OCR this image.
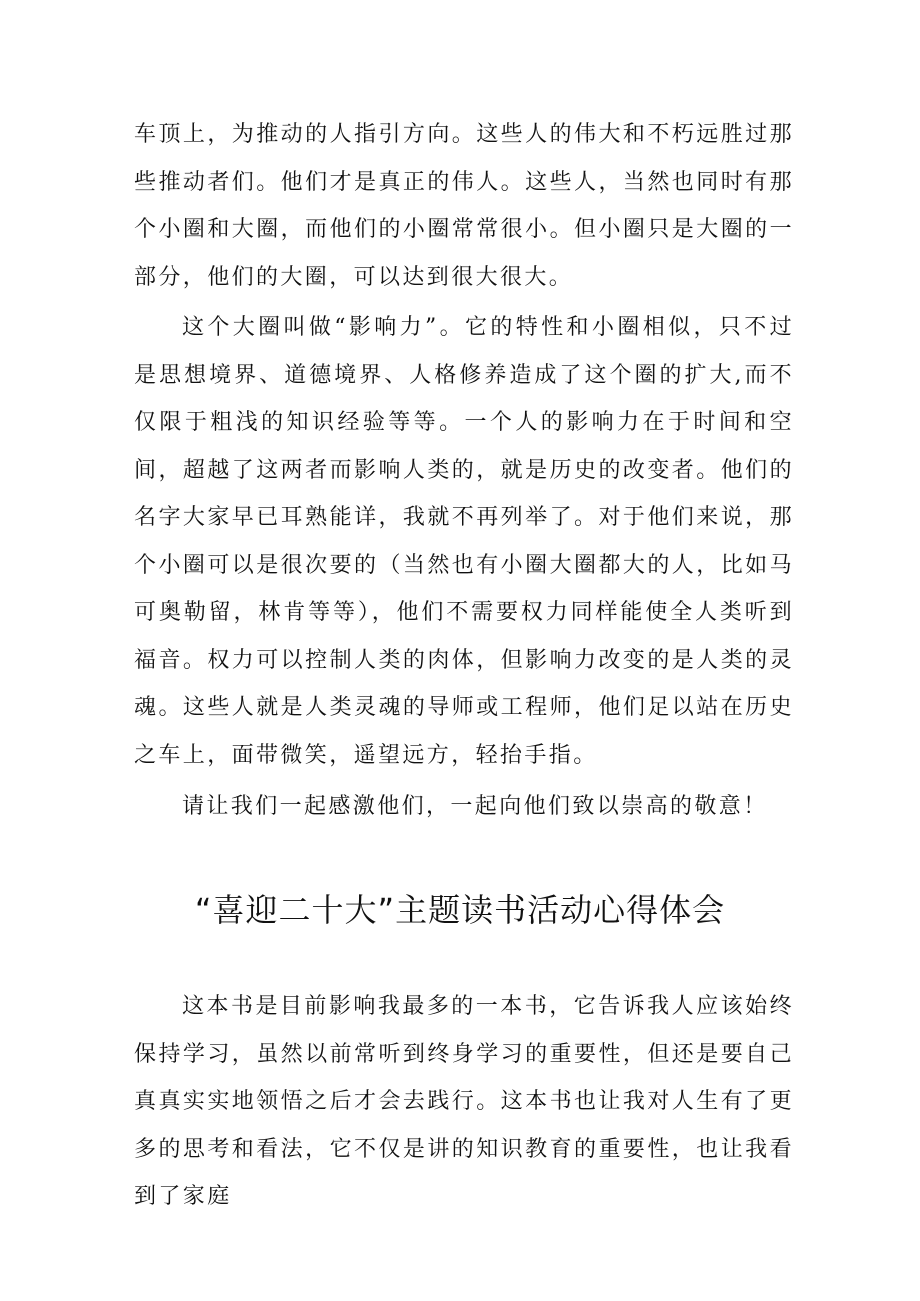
车顶上，为推动的人指引方向。这些人的伟大和不朽远胜过那些推动者们。他们才是真正的伟人。这些人，当然也同时有那个小圈和大圈，而他们的小圈常常很小。但小圈只是大圈的一部分，他们的大圈，可以达到很大很大。

这个大圈叫做“影响力”。它的特性和小圈相似，只不过是思想境界、道德境界、人格修养造成了这个圈的扩大,而不仅限于粗浅的知识经验等等。一个人的影响力在于时间和空间，超越了这两者而影响人类的，就是历史的改变者。他们的名字大家早已耳熟能详，我就不再列举了。对于他们来说，那个小圈可以是很次要的（当然也有小圈大圈都大的人，比如马可奥勒留，林肯等等），他们不需要权力同样能使全人类听到福音。权力可以控制人类的肉体，但影响力改变的是人类的灵魂。这些人就是人类灵魂的导师或工程师，他们足以站在历史之车上，面带微笑，遥望远方，轻抬手指。

请让我们一起感激他们，一起向他们致以崇高的敬意！

“喜迎二十大”主题读书活动心得体会

这本书是目前影响我最多的一本书，它告诉我人应该始终保持学习，虽然以前常听到终身学习的重要性，但还是要自己真真实实地领悟之后才会去践行。这本书也让我对人生有了更多的思考和看法，它不仅是讲的知识教育的重要性，也让我看到了家庭
